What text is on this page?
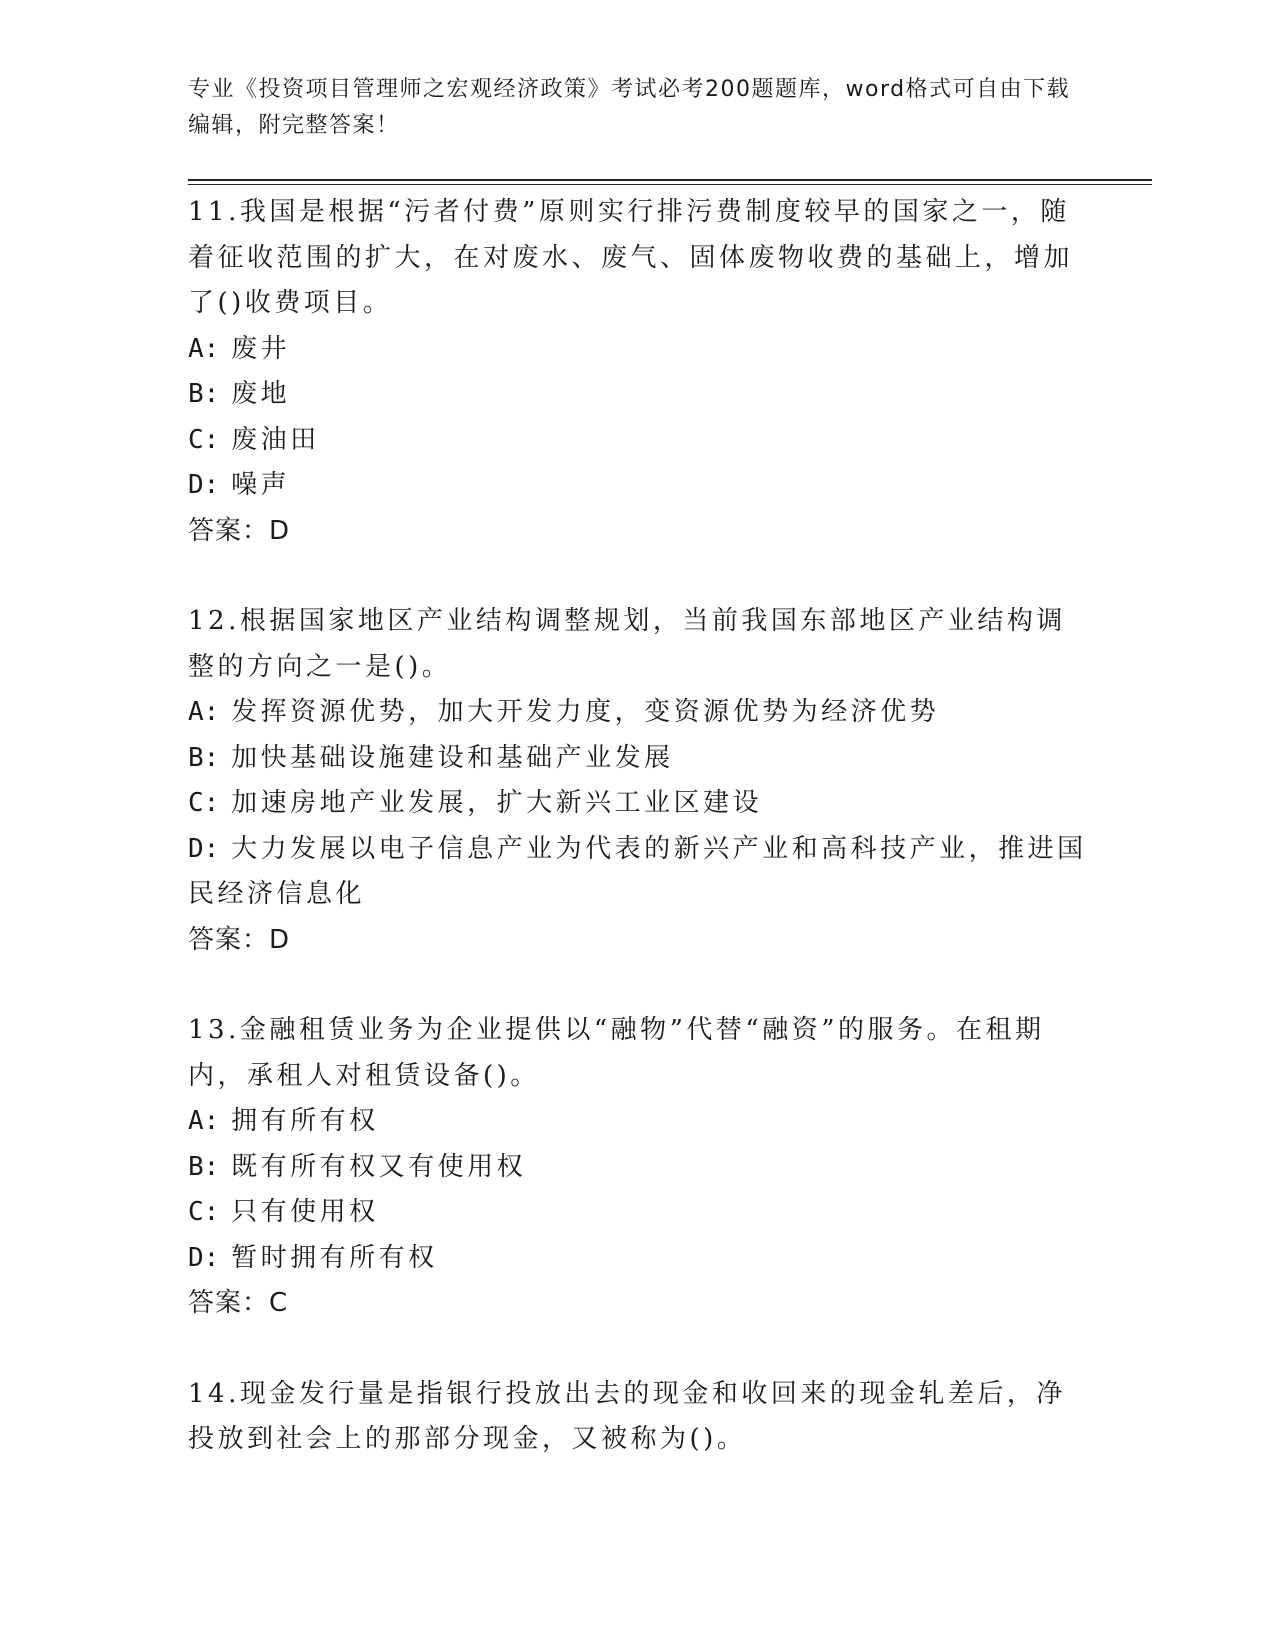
专业《投资项目管理师之宏观经济政策》考试必考200题题库，word格式可自由下载编辑，附完整答案！
11.我国是根据“污者付费”原则实行排污费制度较早的国家之一，随着征收范围的扩大，在对废水、废气、固体废物收费的基础上，增加了()收费项目。
A: 废井
B: 废地
C: 废油田
D: 噪声
答案：D
12.根据国家地区产业结构调整规划，当前我国东部地区产业结构调整的方向之一是()。
A: 发挥资源优势，加大开发力度，变资源优势为经济优势
B: 加快基础设施建设和基础产业发展
C: 加速房地产业发展，扩大新兴工业区建设
D: 大力发展以电子信息产业为代表的新兴产业和高科技产业，推进国民经济信息化
答案：D
13.金融租赁业务为企业提供以“融物”代替“融资”的服务。在租期内，承租人对租赁设备()。
A: 拥有所有权
B: 既有所有权又有使用权
C: 只有使用权
D: 暂时拥有所有权
答案：C
14.现金发行量是指银行投放出去的现金和收回来的现金轧差后，净投放到社会上的那部分现金，又被称为()。
